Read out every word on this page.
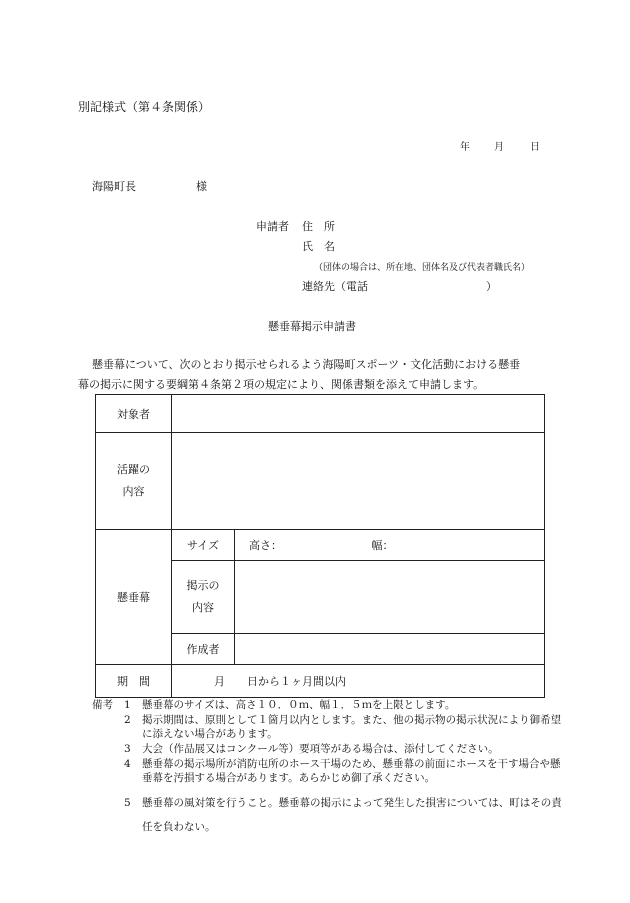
別記様式（第４条関係）
年 月	日
海陽町長	様
申請者 住　所
氏　名
（団体の場合は、所在地、団体名及び代表者職氏名）
連絡先（電話	）
懸垂幕掲示申請書
懸垂幕について、次のとおり掲示せられるよう海陽町スポーツ・文化活動における懸垂
幕の掲示に関する要綱第４条第２項の規定により、関係書類を添えて申請します。
対象者		

活躍の
内容		

懸垂幕	サイズ	高さ： 幅：

	掲示の
内容	

	作成者	
期　間	月　　日から１ヶ月間以内	
備考	1	懸垂幕のサイズは、高さ１０．０ｍ、幅１．５ｍを上限とします。
2	掲示期間は、原則として１箇月以内とします。また、他の掲示物の掲示状況により御希望に添えない場合があります。
3	大会（作品展又はコンクール等）要項等がある場合は、添付してください。
4	懸垂幕の掲示場所が消防屯所のホース干場のため、懸垂幕の前面にホースを干す場合や懸垂幕を汚損する場合があります。あらかじめ御了承ください。
5	懸垂幕の風対策を行うこと。懸垂幕の掲示によって発生した損害については、町はその責任を負わない。
